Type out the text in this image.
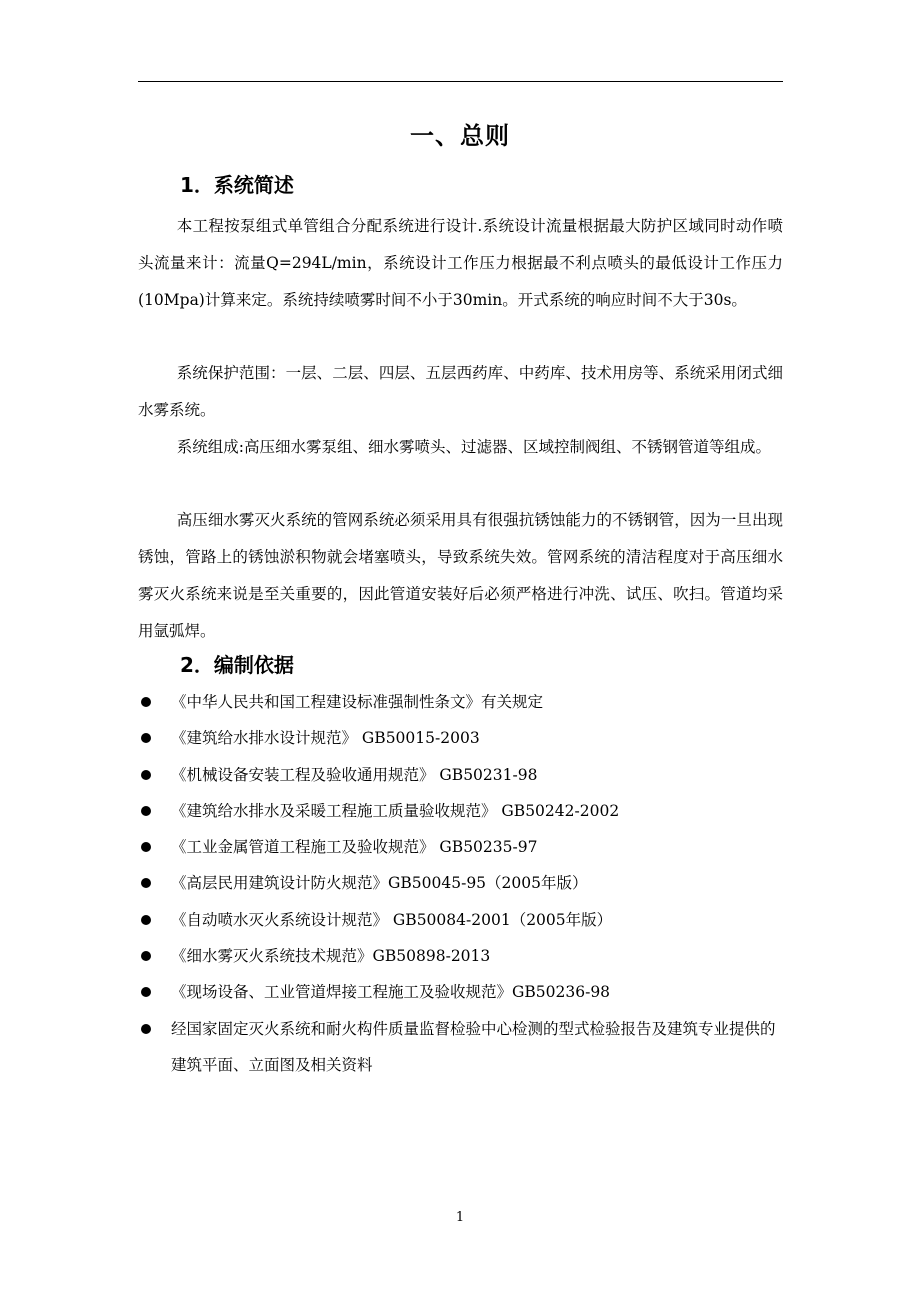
一、总则
1．系统简述

本工程按泵组式单管组合分配系统进行设计.系统设计流量根据最大防护区域同时动作喷头流量来计：流量Q=294L/min，系统设计工作压力根据最不利点喷头的最低设计工作压力(10Mpa)计算来定。系统持续喷雾时间不小于30min。开式系统的响应时间不大于30s。

系统保护范围：一层、二层、四层、五层西药库、中药库、技术用房等、系统采用闭式细水雾系统。

系统组成:高压细水雾泵组、细水雾喷头、过滤器、区域控制阀组、不锈钢管道等组成。

高压细水雾灭火系统的管网系统必须采用具有很强抗锈蚀能力的不锈钢管，因为一旦出现锈蚀，管路上的锈蚀淤积物就会堵塞喷头，导致系统失效。管网系统的清洁程度对于高压细水雾灭火系统来说是至关重要的，因此管道安装好后必须严格进行冲洗、试压、吹扫。管道均采用氩弧焊。

2．编制依据
《中华人民共和国工程建设标准强制性条文》有关规定
《建筑给水排水设计规范》 GB50015-2003
《机械设备安装工程及验收通用规范》 GB50231-98
《建筑给水排水及采暖工程施工质量验收规范》 GB50242-2002
《工业金属管道工程施工及验收规范》 GB50235-97
《高层民用建筑设计防火规范》GB50045-95（2005年版）
《自动喷水灭火系统设计规范》 GB50084-2001（2005年版）
《细水雾灭火系统技术规范》GB50898-2013
《现场设备、工业管道焊接工程施工及验收规范》GB50236-98
经国家固定灭火系统和耐火构件质量监督检验中心检测的型式检验报告及建筑专业提供的建筑平面、立面图及相关资料
1
